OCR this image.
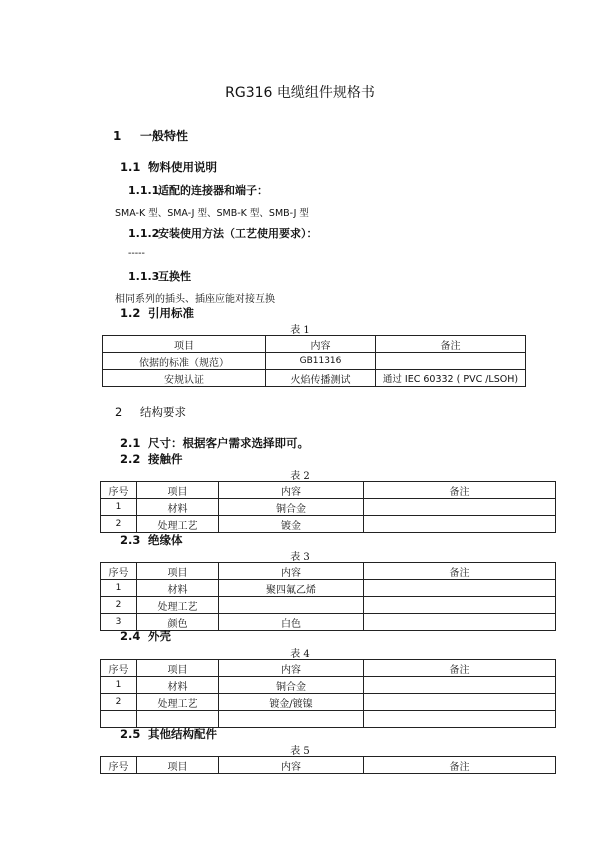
RG316 电缆组件规格书
1 一般特性
1.1 物料使用说明
1.1.1适配的连接器和端子：
SMA-K 型、SMA-J 型、SMB-K 型、SMB-J 型
1.1.2安装使用方法（工艺使用要求）：
-----
1.1.3互换性
相同系列的插头、插座应能对接互换
1.2 引用标准
表 1
项目	内容	备注
依据的标准（规范）	GB11316	
安规认证	火焰传播测试	通过 IEC 60332 ( PVC /LSOH)
2 结构要求
2.1 尺寸：根据客户需求选择即可。
2.2 接触件
表 2
序号	项目	内容	备注
1	材料	铜合金	
2	处理工艺	镀金	
2.3 绝缘体
表 3
序号	项目	内容	备注
1	材料	聚四氟乙烯	
2	处理工艺		
3	颜色	白色	
2.4 外壳
表 4
序号	项目	内容	备注
1	材料	铜合金	
2	处理工艺	镀金/镀镍	

2.5 其他结构配件
表 5
序号	项目	内容	备注
